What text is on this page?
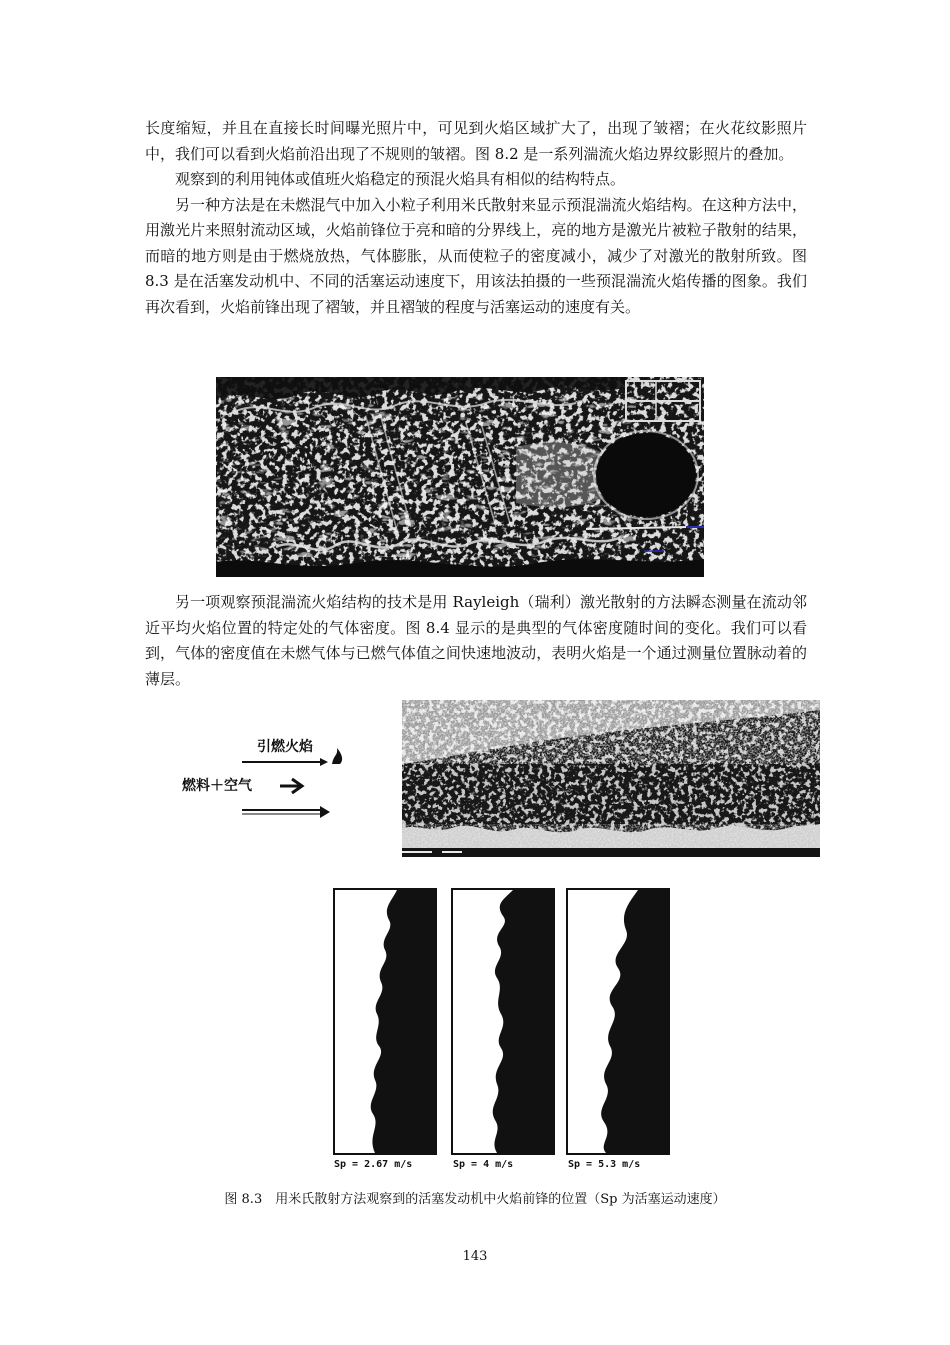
长度缩短，并且在直接长时间曝光照片中，可见到火焰区域扩大了，出现了皱褶；在火花纹影照片中，我们可以看到火焰前沿出现了不规则的皱褶。图 8.2 是一系列湍流火焰边界纹影照片的叠加。

观察到的利用钝体或值班火焰稳定的预混火焰具有相似的结构特点。

另一种方法是在未燃混气中加入小粒子利用米氏散射来显示预混湍流火焰结构。在这种方法中，用激光片来照射流动区域，火焰前锋位于亮和暗的分界线上，亮的地方是激光片被粒子散射的结果，而暗的地方则是由于燃烧放热，气体膨胀，从而使粒子的密度减小，减少了对激光的散射所致。图 8.3 是在活塞发动机中、不同的活塞运动速度下，用该法拍摄的一些预混湍流火焰传播的图象。我们再次看到，火焰前锋出现了褶皱，并且褶皱的程度与活塞运动的速度有关。

另一项观察预混湍流火焰结构的技术是用 Rayleigh（瑞利）激光散射的方法瞬态测量在流动邻近平均火焰位置的特定处的气体密度。图 8.4 显示的是典型的气体密度随时间的变化。我们可以看到，气体的密度值在未燃气体与已燃气体值之间快速地波动，表明火焰是一个通过测量位置脉动着的薄层。

引燃火焰
燃料＋空气
Sp = 2.67 m/s	Sp = 4 m/s	Sp = 5.3 m/s
图 8.3　用米氏散射方法观察到的活塞发动机中火焰前锋的位置（Sp 为活塞运动速度）
143
